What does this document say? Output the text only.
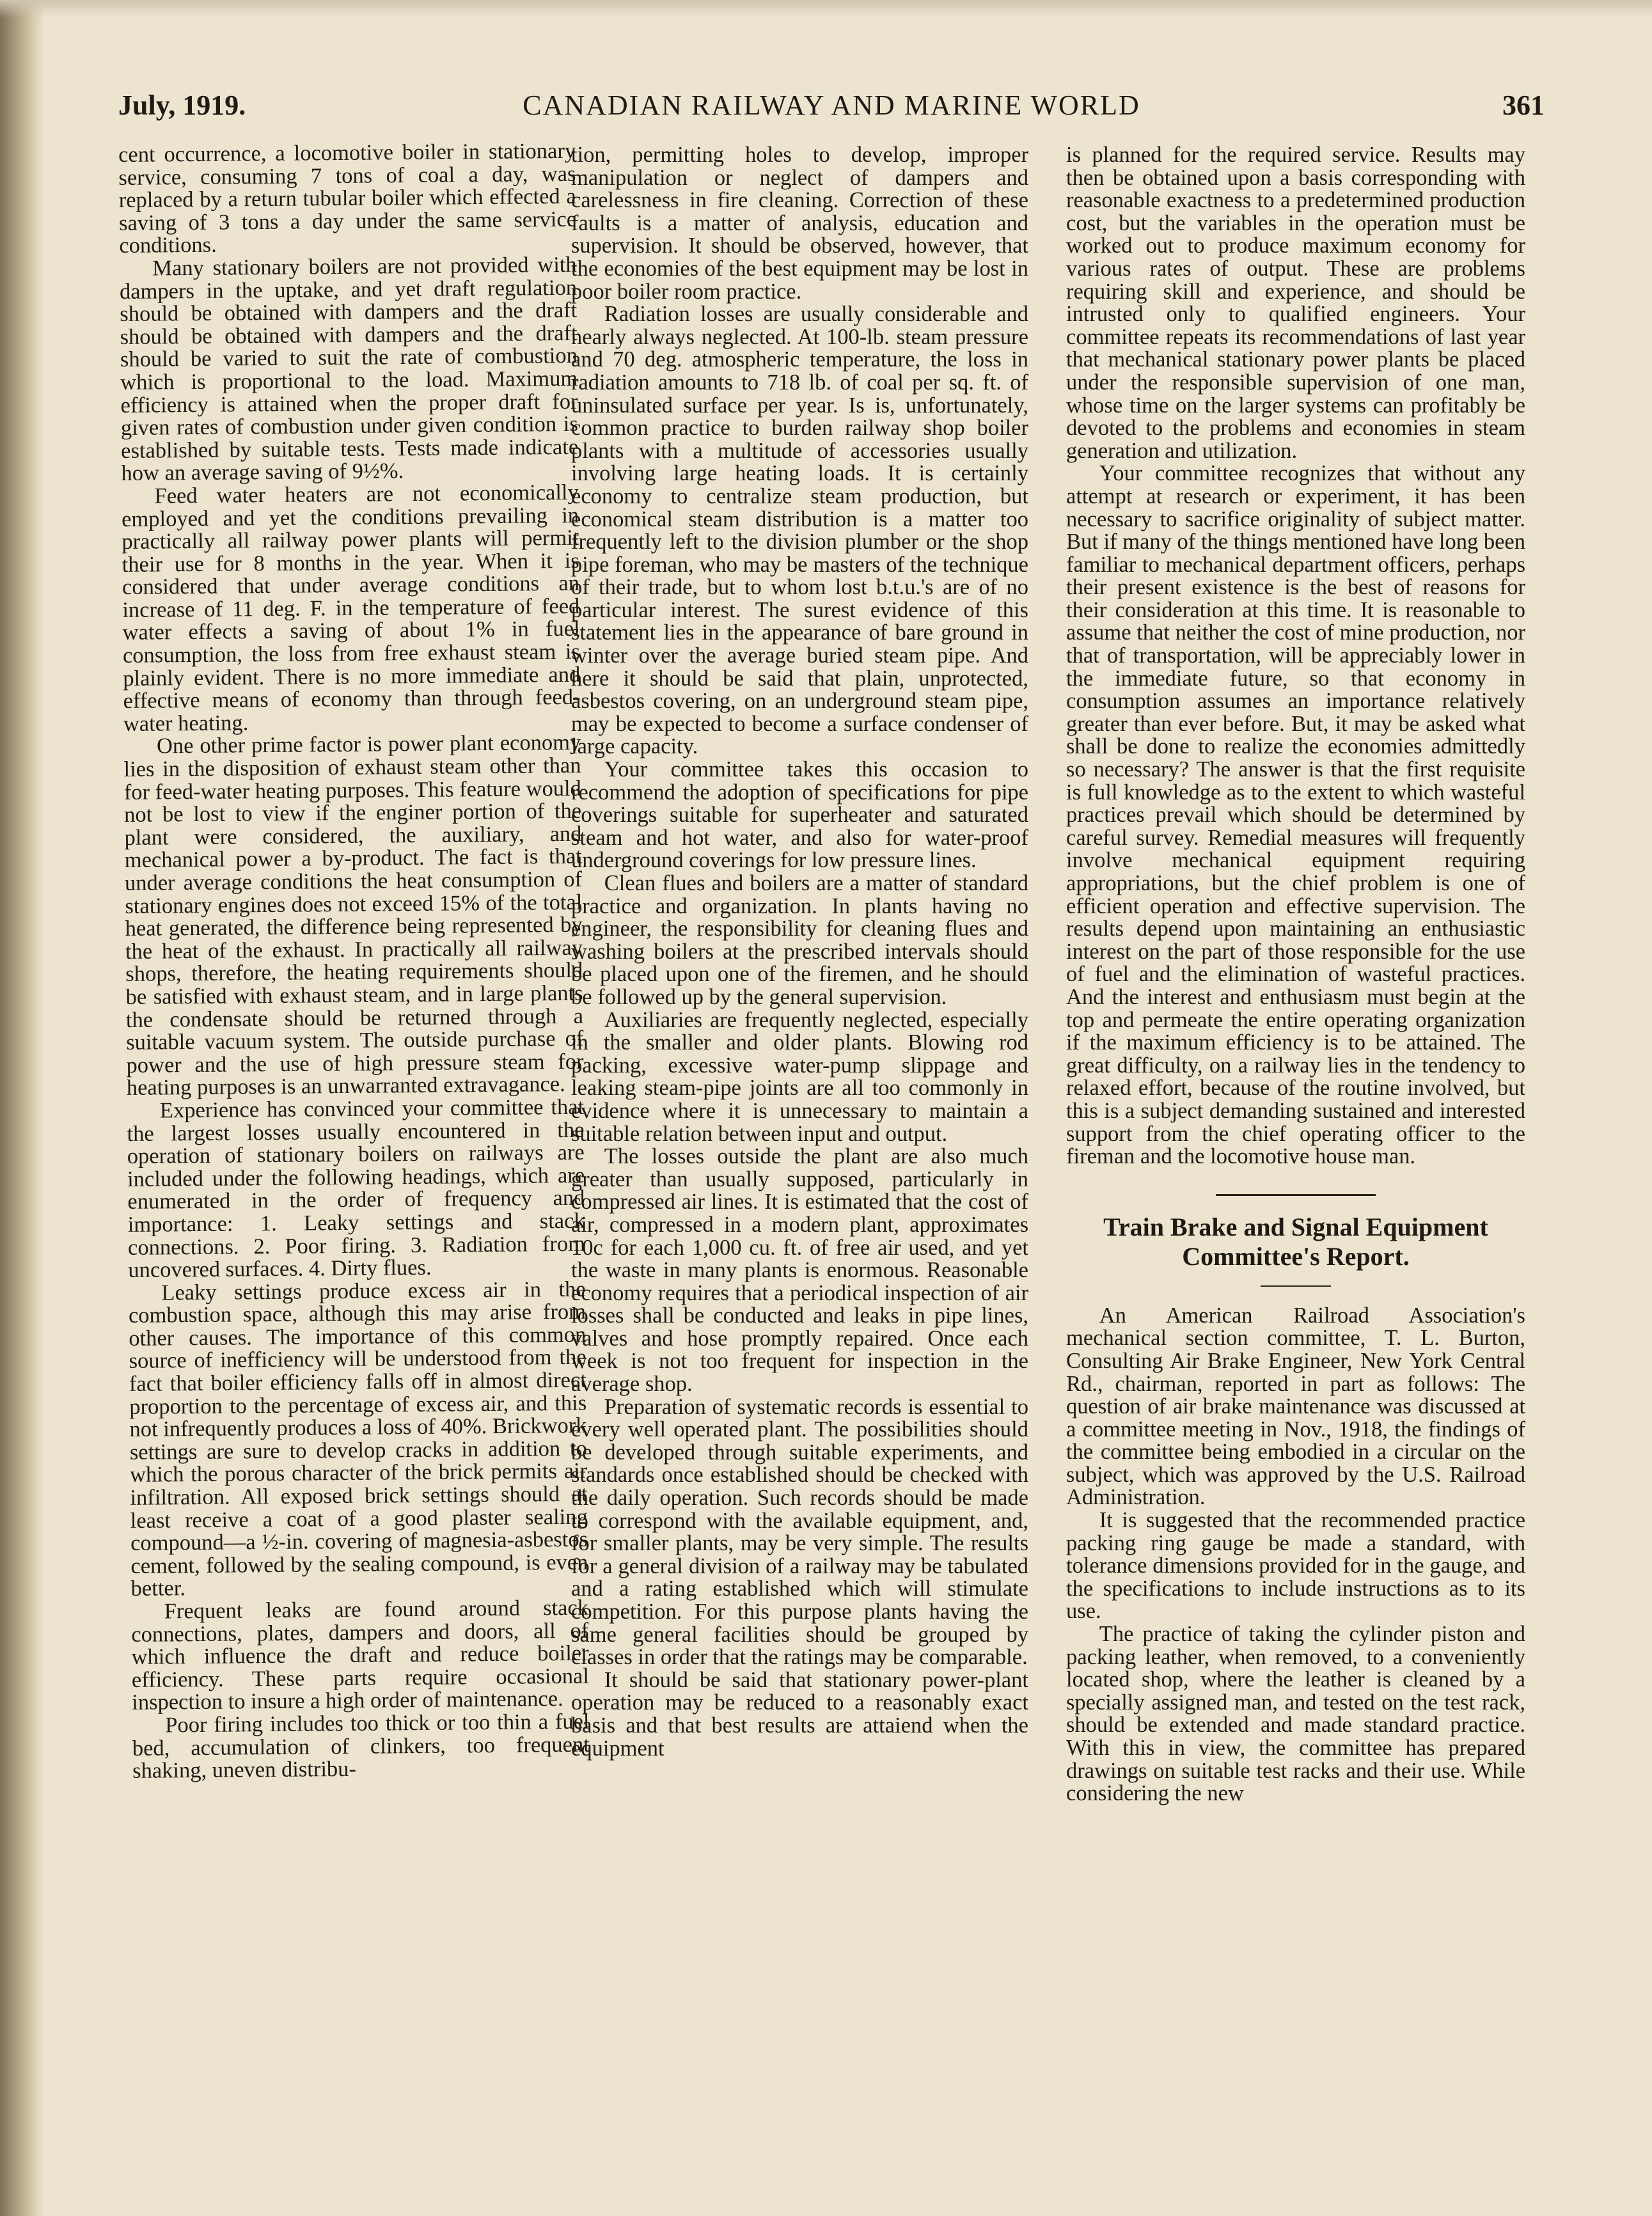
July, 1919.	CANADIAN RAILWAY AND MARINE WORLD	361

cent occurrence, a locomotive boiler in stationary service, consuming 7 tons of coal a day, was replaced by a return tubular boiler which effected a saving of 3 tons a day under the same service conditions.

Many stationary boilers are not provided with dampers in the uptake, and yet draft regulation should be obtained with dampers and the draft should be obtained with dampers and the draft should be varied to suit the rate of combustion which is proportional to the load. Maximum efficiency is attained when the proper draft for given rates of combustion under given condition is established by suitable tests. Tests made indicate how an average saving of 9½%.

Feed water heaters are not economically employed and yet the conditions prevailing in practically all railway power plants will permit their use for 8 months in the year. When it is considered that under average conditions an increase of 11 deg. F. in the temperature of feed water effects a saving of about 1% in fuel consumption, the loss from free exhaust steam is plainly evident. There is no more immediate and effective means of economy than through feed-water heating.

One other prime factor is power plant economy lies in the disposition of exhaust steam other than for feed-water heating purposes. This feature would not be lost to view if the enginer portion of the plant were considered, the auxiliary, and mechanical power a by-product. The fact is that under average conditions the heat consumption of stationary engines does not exceed 15% of the total heat generated, the difference being represented by the heat of the exhaust. In practically all railway shops, therefore, the heating requirements should be satisfied with exhaust steam, and in large plants the condensate should be returned through a suitable vacuum system. The outside purchase of power and the use of high pressure steam for heating purposes is an unwarranted extravagance.

Experience has convinced your committee that the largest losses usually encountered in the operation of stationary boilers on railways are included under the following headings, which are enumerated in the order of frequency and importance: 1. Leaky settings and stack connections. 2. Poor firing. 3. Radiation from uncovered surfaces. 4. Dirty flues.

Leaky settings produce excess air in the combustion space, although this may arise from other causes. The importance of this common source of inefficiency will be understood from the fact that boiler efficiency falls off in almost direct proportion to the percentage of excess air, and this not infrequently produces a loss of 40%. Brickwork settings are sure to develop cracks in addition to which the porous character of the brick permits air infiltration. All exposed brick settings should at least receive a coat of a good plaster sealing compound—a ½-in. covering of magnesia-asbestos cement, followed by the sealing compound, is even better.

Frequent leaks are found around stack connections, plates, dampers and doors, all of which influence the draft and reduce boiler efficiency. These parts require occasional inspection to insure a high order of maintenance.

Poor firing includes too thick or too thin a fuel bed, accumulation of clinkers, too frequent shaking, uneven distribu-

tion, permitting holes to develop, improper manipulation or neglect of dampers and carelessness in fire cleaning. Correction of these faults is a matter of analysis, education and supervision. It should be observed, however, that the economies of the best equipment may be lost in poor boiler room practice.

Radiation losses are usually considerable and nearly always neglected. At 100-lb. steam pressure and 70 deg. atmospheric temperature, the loss in radiation amounts to 718 lb. of coal per sq. ft. of uninsulated surface per year. Is is, unfortunately, common practice to burden railway shop boiler plants with a multitude of accessories usually involving large heating loads. It is certainly economy to centralize steam production, but economical steam distribution is a matter too frequently left to the division plumber or the shop pipe foreman, who may be masters of the technique of their trade, but to whom lost b.t.u.'s are of no particular interest. The surest evidence of this statement lies in the appearance of bare ground in winter over the average buried steam pipe. And here it should be said that plain, unprotected, asbestos covering, on an underground steam pipe, may be expected to become a surface condenser of large capacity.

Your committee takes this occasion to recommend the adoption of specifications for pipe coverings suitable for superheater and saturated steam and hot water, and also for water-proof underground coverings for low pressure lines.

Clean flues and boilers are a matter of standard practice and organization. In plants having no engineer, the responsibility for cleaning flues and washing boilers at the prescribed intervals should be placed upon one of the firemen, and he should be followed up by the general supervision.

Auxiliaries are frequently neglected, especially in the smaller and older plants. Blowing rod packing, excessive water-pump slippage and leaking steam-pipe joints are all too commonly in evidence where it is unnecessary to maintain a suitable relation between input and output.

The losses outside the plant are also much greater than usually supposed, particularly in compressed air lines. It is estimated that the cost of air, compressed in a modern plant, approximates 10c for each 1,000 cu. ft. of free air used, and yet the waste in many plants is enormous. Reasonable economy requires that a periodical inspection of air losses shall be conducted and leaks in pipe lines, valves and hose promptly repaired. Once each week is not too frequent for inspection in the average shop.

Preparation of systematic records is essential to every well operated plant. The possibilities should be developed through suitable experiments, and standards once established should be checked with the daily operation. Such records should be made to correspond with the available equipment, and, for smaller plants, may be very simple. The results for a general division of a railway may be tabulated and a rating established which will stimulate competition. For this purpose plants having the same general facilities should be grouped by classes in order that the ratings may be comparable.

It should be said that stationary power-plant operation may be reduced to a reasonably exact basis and that best results are attaiend when the equipment

is planned for the required service. Results may then be obtained upon a basis corresponding with reasonable exactness to a predetermined production cost, but the variables in the operation must be worked out to produce maximum economy for various rates of output. These are problems requiring skill and experience, and should be intrusted only to qualified engineers. Your committee repeats its recommendations of last year that mechanical stationary power plants be placed under the responsible supervision of one man, whose time on the larger systems can profitably be devoted to the problems and economies in steam generation and utilization.

Your committee recognizes that without any attempt at research or experiment, it has been necessary to sacrifice originality of subject matter. But if many of the things mentioned have long been familiar to mechanical department officers, perhaps their present existence is the best of reasons for their consideration at this time. It is reasonable to assume that neither the cost of mine production, nor that of transportation, will be appreciably lower in the immediate future, so that economy in consumption assumes an importance relatively greater than ever before. But, it may be asked what shall be done to realize the economies admittedly so necessary? The answer is that the first requisite is full knowledge as to the extent to which wasteful practices prevail which should be determined by careful survey. Remedial measures will frequently involve mechanical equipment requiring appropriations, but the chief problem is one of efficient operation and effective supervision. The results depend upon maintaining an enthusiastic interest on the part of those responsible for the use of fuel and the elimination of wasteful practices. And the interest and enthusiasm must begin at the top and permeate the entire operating organization if the maximum efficiency is to be attained. The great difficulty, on a railway lies in the tendency to relaxed effort, because of the routine involved, but this is a subject demanding sustained and interested support from the chief operating officer to the fireman and the locomotive house man.

Train Brake and Signal Equipment Committee's Report.

An American Railroad Association's mechanical section committee, T. L. Burton, Consulting Air Brake Engineer, New York Central Rd., chairman, reported in part as follows: The question of air brake maintenance was discussed at a committee meeting in Nov., 1918, the findings of the committee being embodied in a circular on the subject, which was approved by the U.S. Railroad Administration.

It is suggested that the recommended practice packing ring gauge be made a standard, with tolerance dimensions provided for in the gauge, and the specifications to include instructions as to its use.

The practice of taking the cylinder piston and packing leather, when removed, to a conveniently located shop, where the leather is cleaned by a specially assigned man, and tested on the test rack, should be extended and made standard practice. With this in view, the committee has prepared drawings on suitable test racks and their use. While considering the new
